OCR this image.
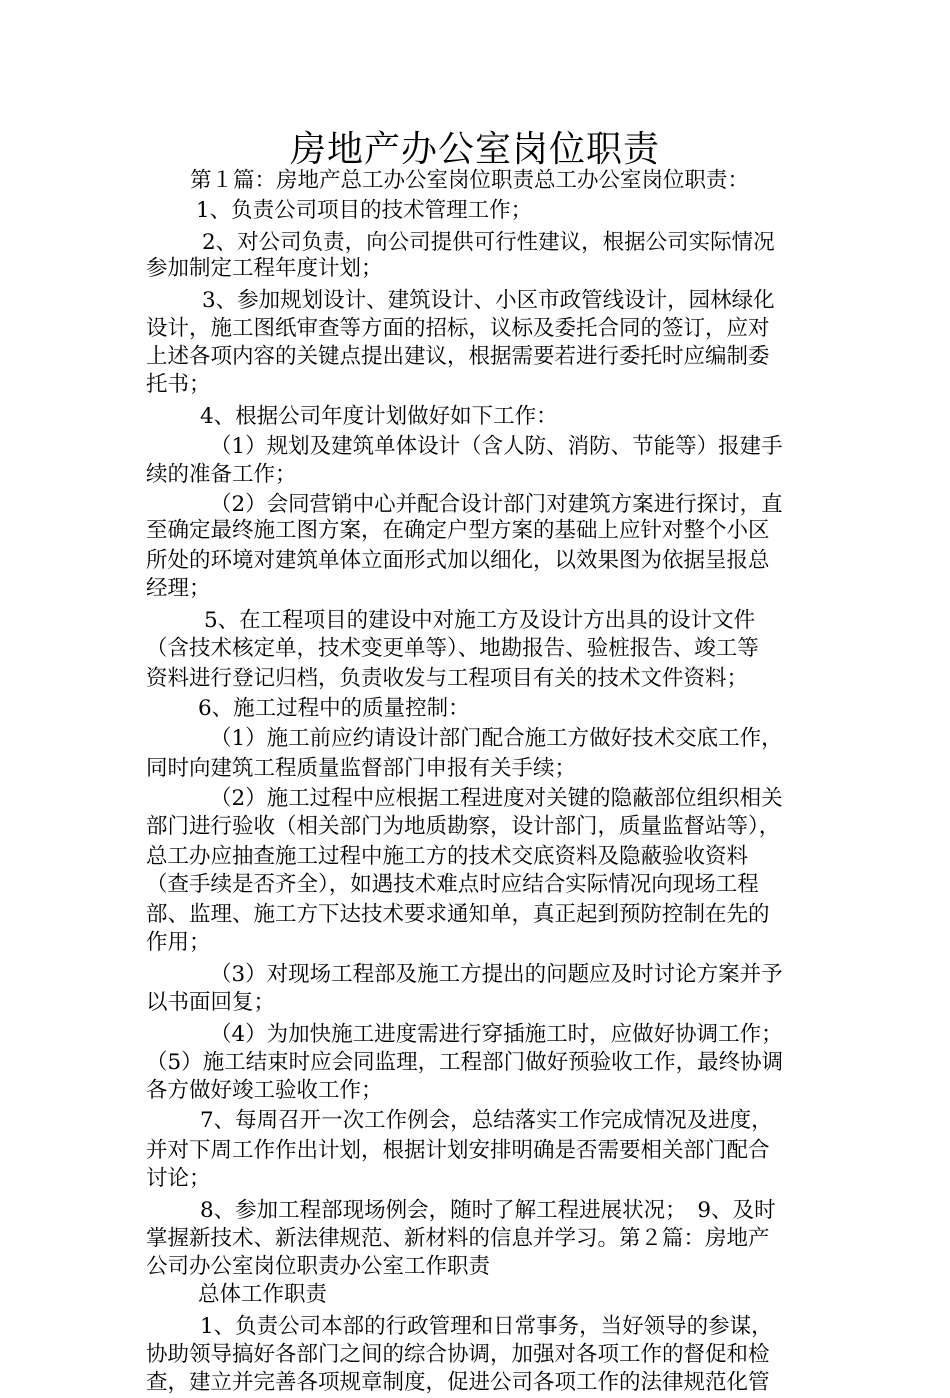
房地产办公室岗位职责
第１篇：房地产总工办公室岗位职责总工办公室岗位职责：
1、负责公司项目的技术管理工作；
2、对公司负责，向公司提供可行性建议，根据公司实际情况
参加制定工程年度计划；
3、参加规划设计、建筑设计、小区市政管线设计，园林绿化
设计，施工图纸审查等方面的招标，议标及委托合同的签订，应对
上述各项内容的关键点提出建议，根据需要若进行委托时应编制委
托书；
4、根据公司年度计划做好如下工作：
（1）规划及建筑单体设计（含人防、消防、节能等）报建手
续的准备工作；
（2）会同营销中心并配合设计部门对建筑方案进行探讨，直
至确定最终施工图方案，在确定户型方案的基础上应针对整个小区
所处的环境对建筑单体立面形式加以细化，以效果图为依据呈报总
经理；
5、在工程项目的建设中对施工方及设计方出具的设计文件
（含技术核定单，技术变更单等）、地勘报告、验桩报告、竣工等
资料进行登记归档，负责收发与工程项目有关的技术文件资料；
6、施工过程中的质量控制：
（1）施工前应约请设计部门配合施工方做好技术交底工作，
同时向建筑工程质量监督部门申报有关手续；
（2）施工过程中应根据工程进度对关键的隐蔽部位组织相关
部门进行验收（相关部门为地质勘察，设计部门，质量监督站等），
总工办应抽查施工过程中施工方的技术交底资料及隐蔽验收资料
（查手续是否齐全），如遇技术难点时应结合实际情况向现场工程
部、监理、施工方下达技术要求通知单，真正起到预防控制在先的
作用；
（3）对现场工程部及施工方提出的问题应及时讨论方案并予
以书面回复；
（4）为加快施工进度需进行穿插施工时，应做好协调工作；
（5）施工结束时应会同监理，工程部门做好预验收工作，最终协调
各方做好竣工验收工作；
7、每周召开一次工作例会，总结落实工作完成情况及进度，
并对下周工作作出计划，根据计划安排明确是否需要相关部门配合
讨论；
8、参加工程部现场例会，随时了解工程进展状况；　9、及时
掌握新技术、新法律规范、新材料的信息并学习。第２篇：房地产
公司办公室岗位职责办公室工作职责
总体工作职责
1、负责公司本部的行政管理和日常事务，当好领导的参谋，
协助领导搞好各部门之间的综合协调，加强对各项工作的督促和检
查，建立并完善各项规章制度，促进公司各项工作的法律规范化管
